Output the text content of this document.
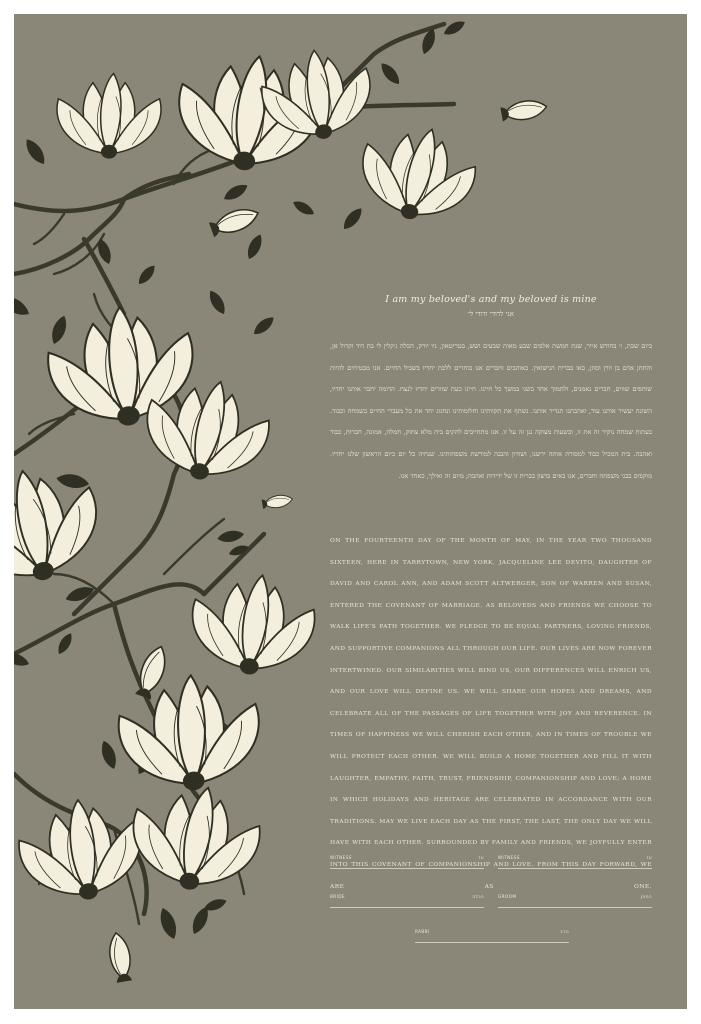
I am my beloved's and my beloved is mine
אני לדודי ודודי לי
ביום שבת, ו׳ בחודש אייר, שנת חמשת אלפים שבע מאות שבעים ושש, בטריטאון, ניו יורק, הכלה ג׳קלין לי בת דוד וקרול אן, והחתן אדם בן וורן וסוזן, באו בברית הנישואין. כאוהבים וחברים אנו בוחרים ללכת יחדיו בשביל החיים. אנו מבטיחים להיות שותפים שווים, חברים נאמנים, ולתמוך אחד בשני במשך כל חיינו. חיינו כעת שזורים יחדיו לנצח. הדומה יחבר אותנו יחדיו, השונה יעשיר אותנו עוד, ואהבתנו תגדיר אותנו. נשתף את תקוותינו וחלומותינו ונחגוג יחד את כל מעברי החיים בשמחה וכבוד. בעתות שמחה נוקיר זה את זו, ובשעות מצוקה נגן זה על זו. אנו מתחייבים להקים בית מלא צחוק, חמלה, אמונה, חברות, כבוד ואהבה. בית המכיל כבוד למסורת אותה ירשנו, ושוויון והבנה למורשת משפחותינו. שנחיה כל יום כיום הראשון שלנו יחדיו. מוקפים בבני משפחה וחברים, אנו באים ברצון בברית זו של ידידות ואהבה; מיום זה ואילך, כאחד אנו.
ON THE FOURTEENTH DAY OF THE MONTH OF MAY, IN THE YEAR TWO THOUSAND SIXTEEN, HERE IN TARRYTOWN, NEW YORK, JACQUELINE LEE DEVITO, DAUGHTER OF DAVID AND CAROL ANN, AND ADAM SCOTT ALTWERGER, SON OF WARREN AND SUSAN, ENTERED THE COVENANT OF MARRIAGE. AS BELOVEDS AND FRIENDS WE CHOOSE TO WALK LIFE'S PATH TOGETHER. WE PLEDGE TO BE EQUAL PARTNERS, LOVING FRIENDS, AND SUPPORTIVE COMPANIONS ALL THROUGH OUR LIFE. OUR LIVES ARE NOW FOREVER INTERTWINED. OUR SIMILARITIES WILL BIND US, OUR DIFFERENCES WILL ENRICH US, AND OUR LOVE WILL DEFINE US. WE WILL SHARE OUR HOPES AND DREAMS, AND CELEBRATE ALL OF THE PASSAGES OF LIFE TOGETHER WITH JOY AND REVERENCE. IN TIMES OF HAPPINESS WE WILL CHERISH EACH OTHER, AND IN TIMES OF TROUBLE WE WILL PROTECT EACH OTHER. WE WILL BUILD A HOME TOGETHER AND FILL IT WITH LAUGHTER, EMPATHY, FAITH, TRUST, FRIENDSHIP, COMPANIONSHIP AND LOVE; A HOME IN WHICH HOLIDAYS AND HERITAGE ARE CELEBRATED IN ACCORDANCE WITH OUR TRADITIONS. MAY WE LIVE EACH DAY AS THE FIRST, THE LAST, THE ONLY DAY WE WILL HAVE WITH EACH OTHER. SURROUNDED BY FAMILY AND FRIENDS, WE JOYFULLY ENTER INTO THIS COVENANT OF COMPANIONSHIP AND LOVE. FROM THIS DAY FORWARD, WE ARE AS ONE.
WITNESS	עד	WITNESS	עד
BRIDE	הכלה	GROOM	החתן
RABBI	הרב
